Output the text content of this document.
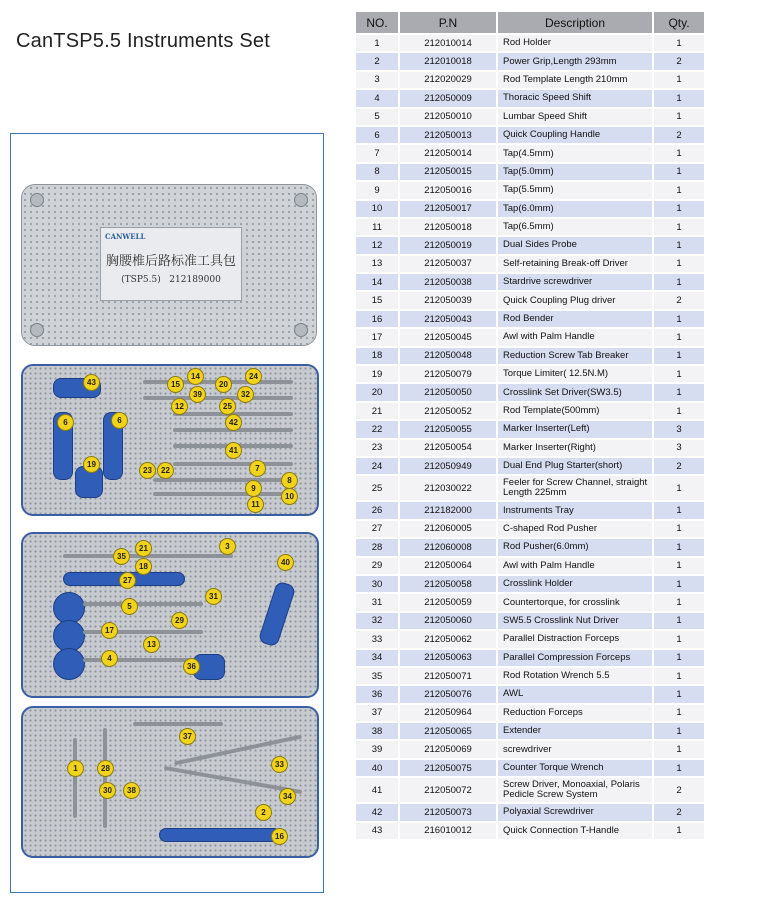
CanTSP5.5 Instruments Set
CANWELL
胸腰椎后路标准工具包
(TSP5.5) 212189000
43
14	24
15	20
39	32
6	6
12	25
42
41
19
23	22	7
8
9
10
11
35
21	3
18	40
27
31
5
29
17
13
4
36
37
1	28	33
30	38
34
2
16
NO.	P.N	Description	Qty.
1	212010014	Rod Holder	1
2	212010018	Power Grip,Length 293mm	2
3	212020029	Rod Template Length 210mm	1
4	212050009	Thoracic Speed Shift	1
5	212050010	Lumbar Speed Shift	1
6	212050013	Quick Coupling Handle	2
7	212050014	Tap(4.5mm)	1
8	212050015	Tap(5.0mm)	1
9	212050016	Tap(5.5mm)	1
10	212050017	Tap(6.0mm)	1
11	212050018	Tap(6.5mm)	1
12	212050019	Dual Sides Probe	1
13	212050037	Self-retaining Break-off Driver	1
14	212050038	Stardrive screwdriver	1
15	212050039	Quick Coupling Plug driver	2
16	212050043	Rod Bender	1
17	212050045	Awl with Palm Handle	1
18	212050048	Reduction Screw Tab Breaker	1
19	212050079	Torque Limiter( 12.5N.M)	1
20	212050050	Crosslink Set Driver(SW3.5)	1
21	212050052	Rod Template(500mm)	1
22	212050055	Marker Inserter(Left)	3
23	212050054	Marker Inserter(Right)	3
24	212050949	Dual End Plug Starter(short)	2
25	212030022	Feeler for Screw Channel, straight Length 225mm	1
26	212182000	Instruments Tray	1
27	212060005	C-shaped Rod Pusher	1
28	212060008	Rod Pusher(6.0mm)	1
29	212050064	Awl with Palm Handle	1
30	212050058	Crosslink Holder	1
31	212050059	Countertorque, for crosslink	1
32	212050060	SW5.5 Crosslink Nut Driver	1
33	212050062	Parallel Distraction Forceps	1
34	212050063	Parallel Compression Forceps	1
35	212050071	Rod Rotation Wrench 5.5	1
36	212050076	AWL	1
37	212050964	Reduction Forceps	1
38	212050065	Extender	1
39	212050069	screwdriver	1
40	212050075	Counter Torque Wrench	1
41	212050072	Screw Driver, Monoaxial, Polaris Pedicle Screw System	2
42	212050073	Polyaxial Screwdriver	2
43	216010012	Quick Connection T-Handle	1
